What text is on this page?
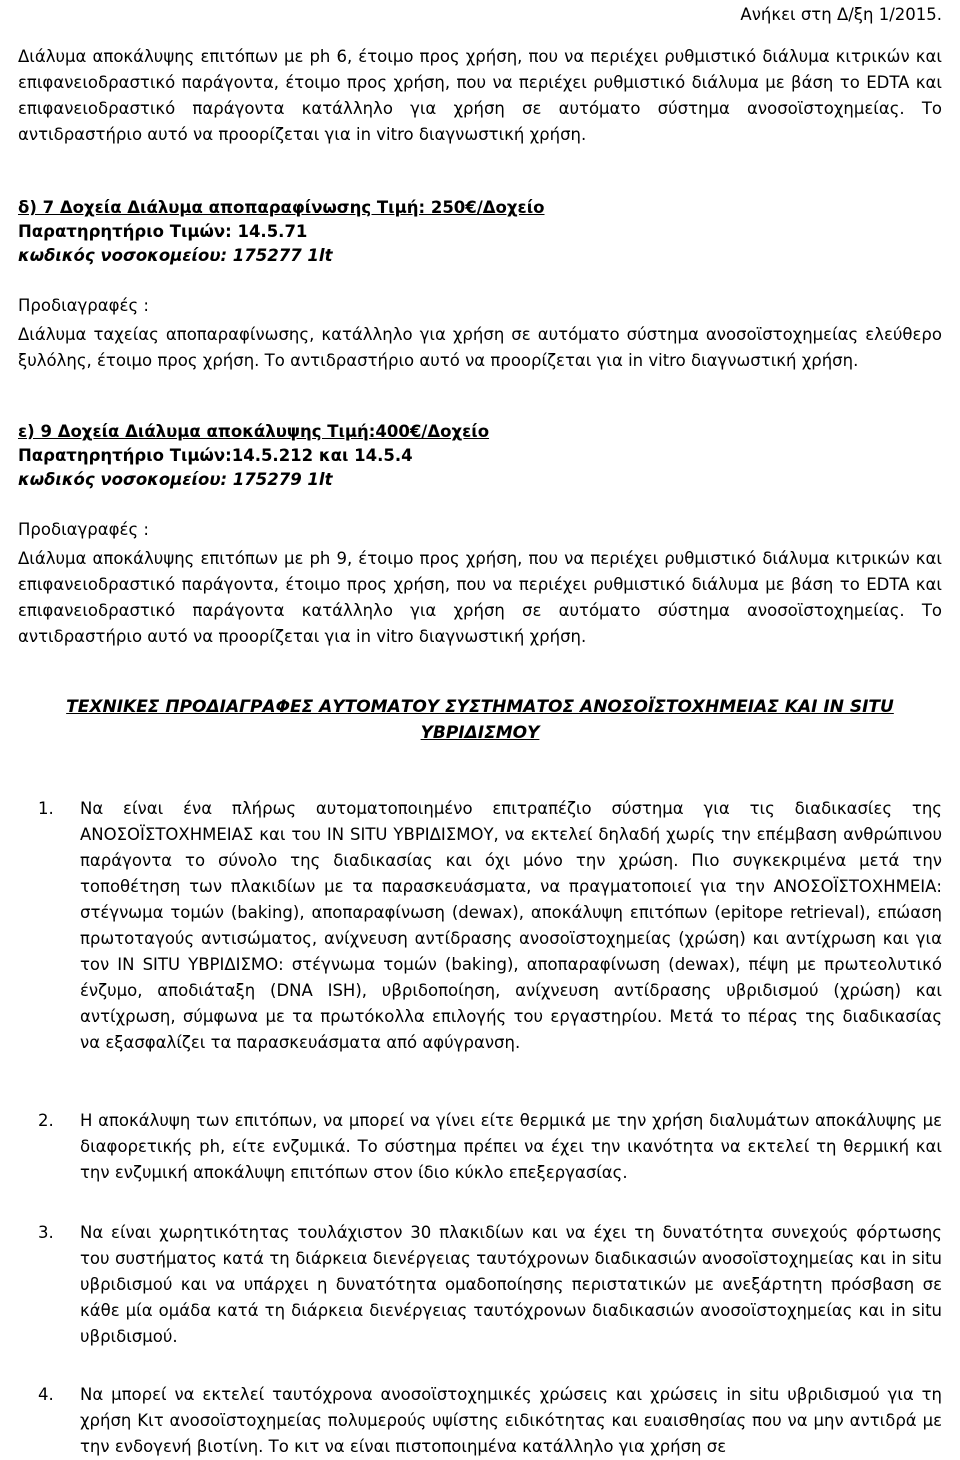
Ανήκει στη Δ/ξη 1/2015.

Διάλυμα αποκάλυψης επιτόπων με ph 6, έτοιμο προς χρήση, που να περιέχει ρυθμιστικό διάλυμα κιτρικών και επιφανειοδραστικό παράγοντα, έτοιμο προς χρήση, που να περιέχει ρυθμιστικό διάλυμα με βάση το EDTA και επιφανειοδραστικό παράγοντα κατάλληλο για χρήση σε αυτόματο σύστημα ανοσοϊστοχημείας. Το αντιδραστήριο αυτό να προορίζεται για in vitro διαγνωστική χρήση.

δ) 7 Δοχεία Διάλυμα αποπαραφίνωσης Τιμή: 250€/Δοχείο
Παρατηρητήριο Τιμών: 14.5.71
κωδικός νοσοκομείου: 175277 1lt
Προδιαγραφές :

Διάλυμα ταχείας αποπαραφίνωσης, κατάλληλο για χρήση σε αυτόματο σύστημα ανοσοϊστοχημείας ελεύθερο ξυλόλης, έτοιμο προς χρήση. Το αντιδραστήριο αυτό να προορίζεται για in vitro διαγνωστική χρήση.

ε) 9 Δοχεία Διάλυμα αποκάλυψης Τιμή:400€/Δοχείο
Παρατηρητήριο Τιμών:14.5.212 και 14.5.4
κωδικός νοσοκομείου: 175279 1lt
Προδιαγραφές :

Διάλυμα αποκάλυψης επιτόπων με ph 9, έτοιμο προς χρήση, που να περιέχει ρυθμιστικό διάλυμα κιτρικών και επιφανειοδραστικό παράγοντα, έτοιμο προς χρήση, που να περιέχει ρυθμιστικό διάλυμα με βάση το EDTA και επιφανειοδραστικό παράγοντα κατάλληλο για χρήση σε αυτόματο σύστημα ανοσοϊστοχημείας. Το αντιδραστήριο αυτό να προορίζεται για in vitro διαγνωστική χρήση.

ΤΕΧΝΙΚΕΣ ΠΡΟΔΙΑΓΡΑΦΕΣ ΑΥΤΟΜΑΤΟΥ ΣΥΣΤΗΜΑΤΟΣ ΑΝΟΣΟΪΣΤΟΧΗΜΕΙΑΣ ΚΑΙ IN SITU ΥΒΡΙΔΙΣΜΟΥ

1. Να είναι ένα πλήρως αυτοματοποιημένο επιτραπέζιο σύστημα για τις διαδικασίες της ΑΝΟΣΟΪΣΤΟΧΗΜΕΙΑΣ και του IN SITU ΥΒΡΙΔΙΣΜΟΥ, να εκτελεί δηλαδή χωρίς την επέμβαση ανθρώπινου παράγοντα το σύνολο της διαδικασίας και όχι μόνο την χρώση. Πιο συγκεκριμένα μετά την τοποθέτηση των πλακιδίων με τα παρασκευάσματα, να πραγματοποιεί για την ΑΝΟΣΟΪΣΤΟΧΗΜΕΙΑ: στέγνωμα τομών (baking), αποπαραφίνωση (dewax), αποκάλυψη επιτόπων (epitope retrieval), επώαση πρωτοταγούς αντισώματος, ανίχνευση αντίδρασης ανοσοϊστοχημείας (χρώση) και αντίχρωση και για τον IN SITU ΥΒΡΙΔΙΣΜΟ: στέγνωμα τομών (baking), αποπαραφίνωση (dewax), πέψη με πρωτεολυτικό ένζυμο, αποδιάταξη (DNA ISH), υβριδοποίηση, ανίχνευση αντίδρασης υβριδισμού (χρώση) και αντίχρωση, σύμφωνα με τα πρωτόκολλα επιλογής του εργαστηρίου. Μετά το πέρας της διαδικασίας να εξασφαλίζει τα παρασκευάσματα από αφύγρανση.

2. Η αποκάλυψη των επιτόπων, να μπορεί να γίνει είτε θερμικά με την χρήση διαλυμάτων αποκάλυψης με διαφορετικής ph, είτε ενζυμικά. Το σύστημα πρέπει να έχει την ικανότητα να εκτελεί τη θερμική και την ενζυμική αποκάλυψη επιτόπων στον ίδιο κύκλο επεξεργασίας.

3. Να είναι χωρητικότητας τουλάχιστον 30 πλακιδίων και να έχει τη δυνατότητα συνεχούς φόρτωσης του συστήματος κατά τη διάρκεια διενέργειας ταυτόχρονων διαδικασιών ανοσοϊστοχημείας και in situ υβριδισμού και να υπάρχει η δυνατότητα ομαδοποίησης περιστατικών με ανεξάρτητη πρόσβαση σε κάθε μία ομάδα κατά τη διάρκεια διενέργειας ταυτόχρονων διαδικασιών ανοσοϊστοχημείας και in situ υβριδισμού.

4. Να μπορεί να εκτελεί ταυτόχρονα ανοσοϊστοχημικές χρώσεις και χρώσεις in situ υβριδισμού για τη χρήση Κιτ ανοσοϊστοχημείας πολυμερούς υψίστης ειδικότητας και ευαισθησίας που να μην αντιδρά με την ενδογενή βιοτίνη. Το κιτ να είναι πιστοποιημένα κατάλληλο για χρήση σε
